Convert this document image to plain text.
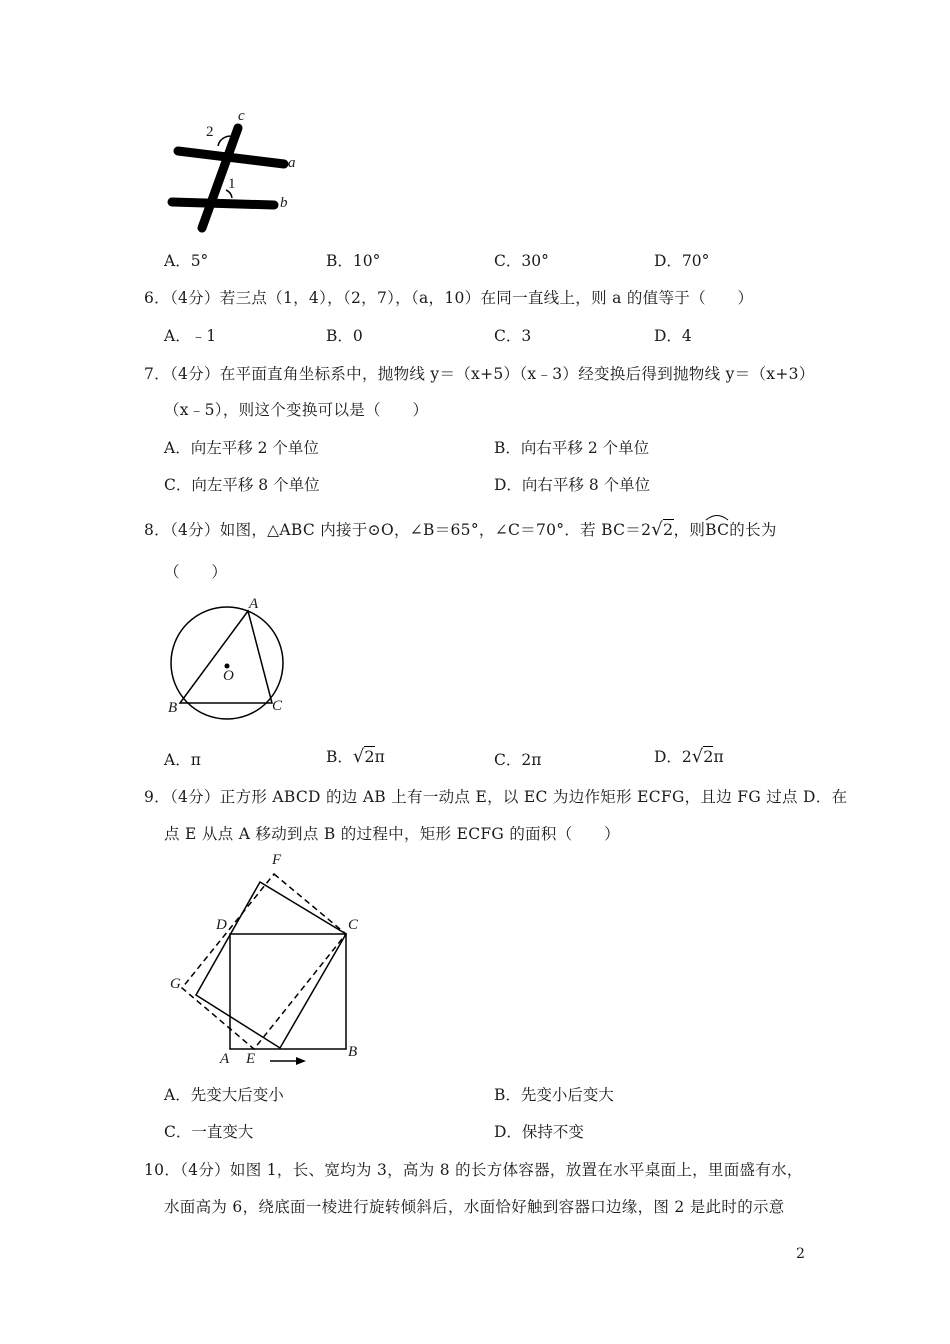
c
2
a
1
b
A．5°	B．10°	C．30°	D．70°
6．（4分）若三点（1，4），（2，7），（a，10）在同一直线上，则 a 的值等于（　　）
A．﹣1	B．0	C．3	D．4
7．（4分）在平面直角坐标系中，抛物线 y＝（x+5）（x﹣3）经变换后得到抛物线 y＝（x+3）
（x﹣5），则这个变换可以是（　　）
A．向左平移 2 个单位	B．向右平移 2 个单位
C．向左平移 8 个单位	D．向右平移 8 个单位
8．（4分）如图，△ABC 内接于⊙O，∠B＝65°，∠C＝70°．若 BC＝2√2，则
BC的长为
（　　）
A
O
B	C
A．π	B．√2π	C．2π	D．2√2π
9．（4分）正方形 ABCD 的边 AB 上有一动点 E，以 EC 为边作矩形 ECFG，且边 FG 过点 D．在
点 E 从点 A 移动到点 B 的过程中，矩形 ECFG 的面积（　　）
F
D	C
G
A E	B
A．先变大后变小	B．先变小后变大
C．一直变大	D．保持不变
10．（4分）如图 1，长、宽均为 3，高为 8 的长方体容器，放置在水平桌面上，里面盛有水，
水面高为 6，绕底面一棱进行旋转倾斜后，水面恰好触到容器口边缘，图 2 是此时的示意
2
